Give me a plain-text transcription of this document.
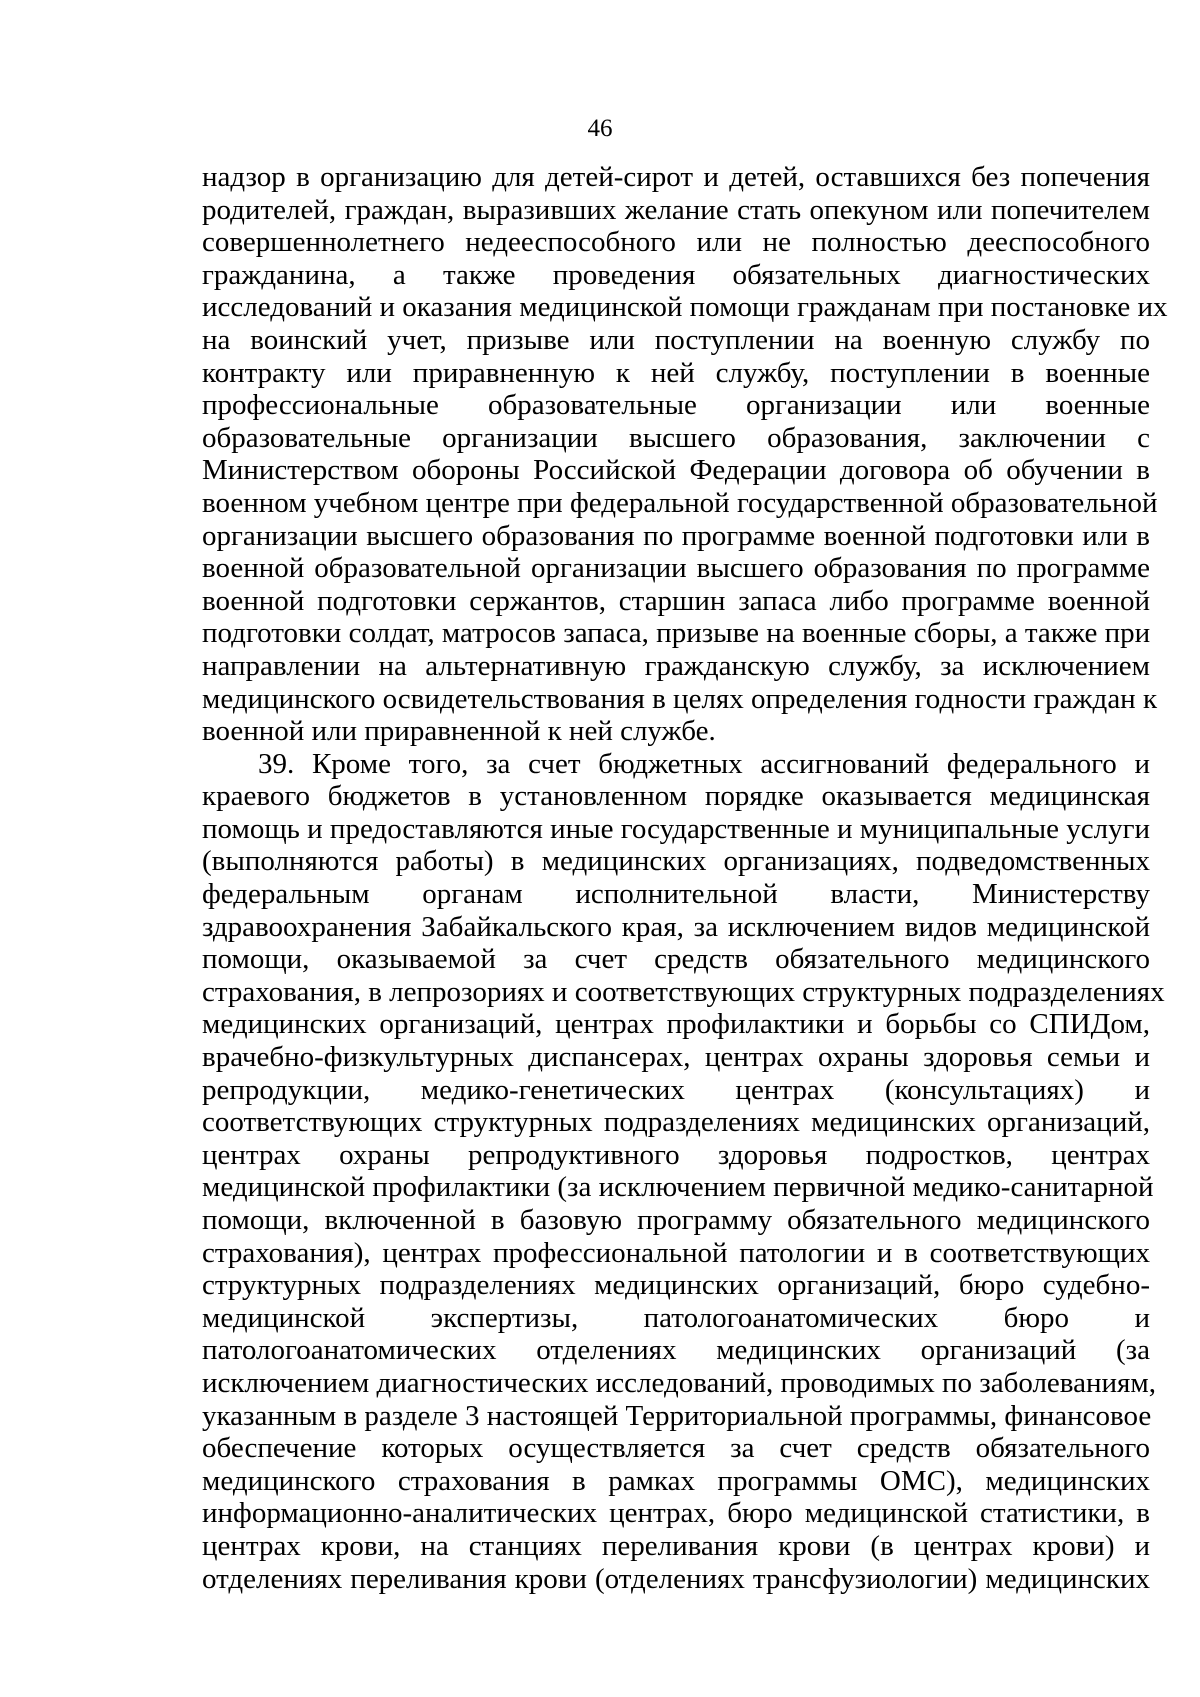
46
надзор в организацию для детей-сирот и детей, оставшихся без попечения
родителей, граждан, выразивших желание стать опекуном или попечителем
совершеннолетнего недееспособного или не полностью дееспособного
гражданина, а также проведения обязательных диагностических
исследований и оказания медицинской помощи гражданам при постановке их
на воинский учет, призыве или поступлении на военную службу по
контракту или приравненную к ней службу, поступлении в военные
профессиональные образовательные организации или военные
образовательные организации высшего образования, заключении с
Министерством обороны Российской Федерации договора об обучении в
военном учебном центре при федеральной государственной образовательной
организации высшего образования по программе военной подготовки или в
военной образовательной организации высшего образования по программе
военной подготовки сержантов, старшин запаса либо программе военной
подготовки солдат, матросов запаса, призыве на военные сборы, а также при
направлении на альтернативную гражданскую службу, за исключением
медицинского освидетельствования в целях определения годности граждан к
военной или приравненной к ней службе.
39. Кроме того, за счет бюджетных ассигнований федерального и
краевого бюджетов в установленном порядке оказывается медицинская
помощь и предоставляются иные государственные и муниципальные услуги
(выполняются работы) в медицинских организациях, подведомственных
федеральным органам исполнительной власти, Министерству
здравоохранения Забайкальского края, за исключением видов медицинской
помощи, оказываемой за счет средств обязательного медицинского
страхования, в лепрозориях и соответствующих структурных подразделениях
медицинских организаций, центрах профилактики и борьбы со СПИДом,
врачебно-физкультурных диспансерах, центрах охраны здоровья семьи и
репродукции, медико-генетических центрах (консультациях) и
соответствующих структурных подразделениях медицинских организаций,
центрах охраны репродуктивного здоровья подростков, центрах
медицинской профилактики (за исключением первичной медико-санитарной
помощи, включенной в базовую программу обязательного медицинского
страхования), центрах профессиональной патологии и в соответствующих
структурных подразделениях медицинских организаций, бюро судебно-
медицинской экспертизы, патологоанатомических бюро и
патологоанатомических отделениях медицинских организаций (за
исключением диагностических исследований, проводимых по заболеваниям,
указанным в разделе 3 настоящей Территориальной программы, финансовое
обеспечение которых осуществляется за счет средств обязательного
медицинского страхования в рамках программы ОМС), медицинских
информационно-аналитических центрах, бюро медицинской статистики, в
центрах крови, на станциях переливания крови (в центрах крови) и
отделениях переливания крови (отделениях трансфузиологии) медицинских
